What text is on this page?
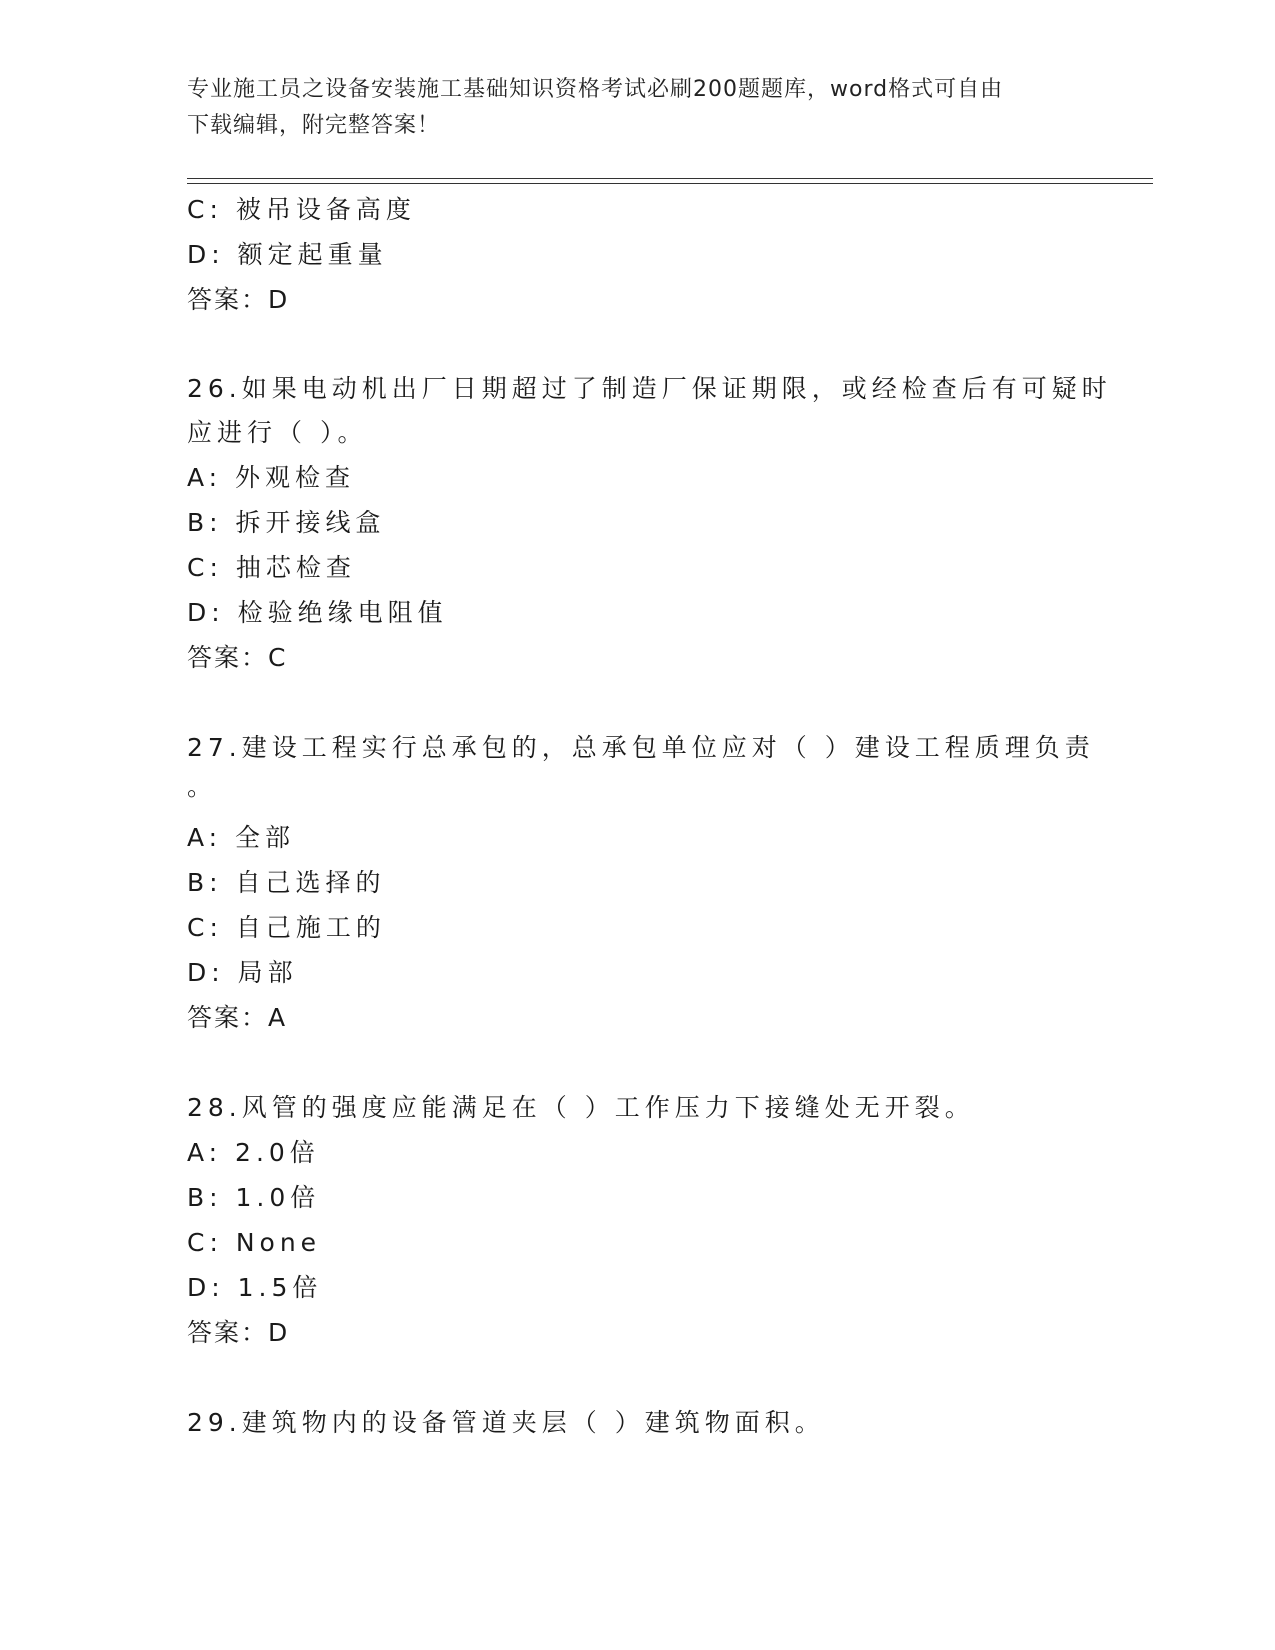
专业施工员之设备安装施工基础知识资格考试必刷200题题库，word格式可自由
下载编辑，附完整答案！
C: 被吊设备高度
D: 额定起重量
答案：D
26.如果电动机出厂日期超过了制造厂保证期限，或经检查后有可疑时
应进行（ ）。
A: 外观检查
B: 拆开接线盒
C: 抽芯检查
D: 检验绝缘电阻值
答案：C
27.建设工程实行总承包的，总承包单位应对（ ）建设工程质理负责
。
A: 全部
B: 自己选择的
C: 自己施工的
D: 局部
答案：A
28.风管的强度应能满足在（ ）工作压力下接缝处无开裂。
A: 2.0倍
B: 1.0倍
C: None
D: 1.5倍
答案：D
29.建筑物内的设备管道夹层（ ）建筑物面积。
